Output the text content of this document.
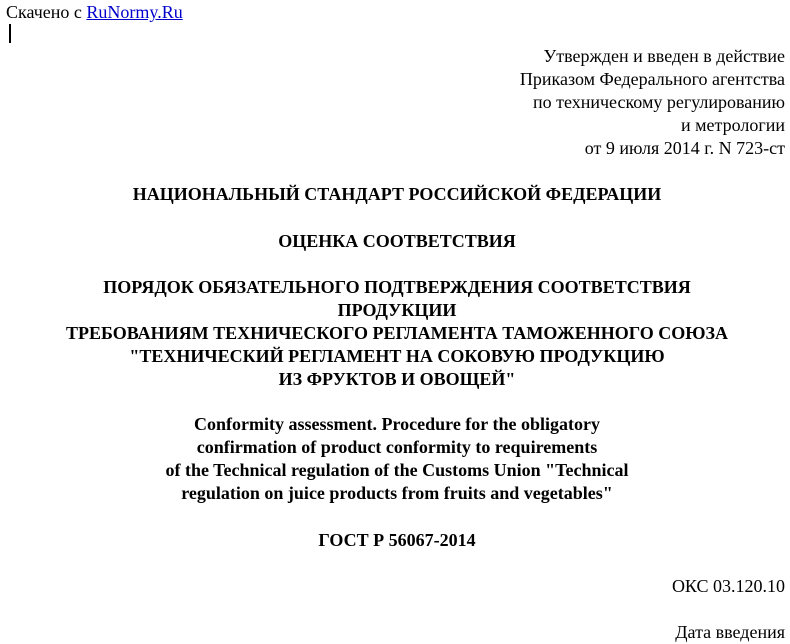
Скачено с RuNormy.Ru
Утвержден и введен в действие
Приказом Федерального агентства
по техническому регулированию
и метрологии
от 9 июля 2014 г. N 723-ст
НАЦИОНАЛЬНЫЙ СТАНДАРТ РОССИЙСКОЙ ФЕДЕРАЦИИ
ОЦЕНКА СООТВЕТСТВИЯ
ПОРЯДОК ОБЯЗАТЕЛЬНОГО ПОДТВЕРЖДЕНИЯ СООТВЕТСТВИЯ
ПРОДУКЦИИ
ТРЕБОВАНИЯМ ТЕХНИЧЕСКОГО РЕГЛАМЕНТА ТАМОЖЕННОГО СОЮЗА
"ТЕХНИЧЕСКИЙ РЕГЛАМЕНТ НА СОКОВУЮ ПРОДУКЦИЮ
ИЗ ФРУКТОВ И ОВОЩЕЙ"
Conformity assessment. Procedure for the obligatory
confirmation of product conformity to requirements
of the Technical regulation of the Customs Union "Technical
regulation on juice products from fruits and vegetables"
ГОСТ Р 56067-2014
ОКС 03.120.10
Дата введения
